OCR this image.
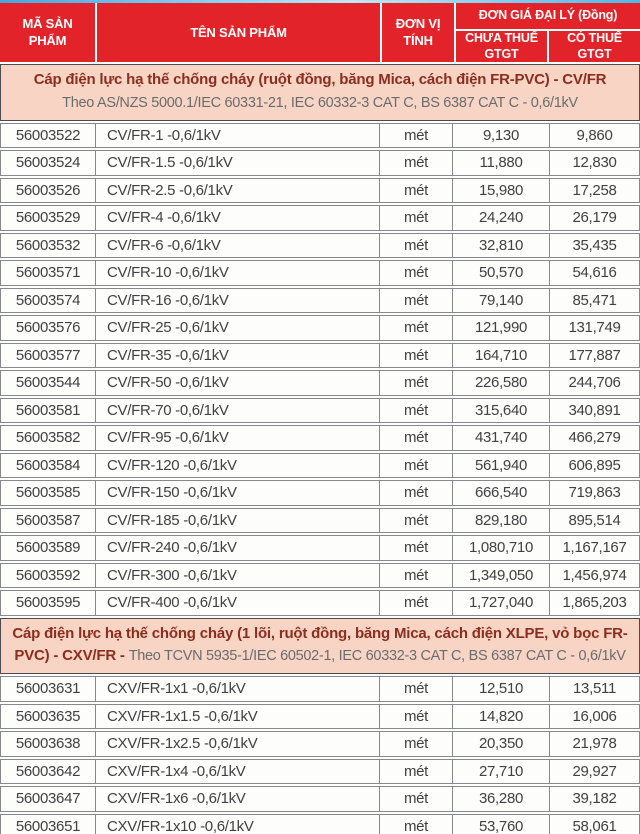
MÃ SẢN PHẨM
TÊN SẢN PHẨM
ĐƠN VỊ TÍNH
ĐƠN GIÁ ĐẠI LÝ (Đồng)
CHƯA THUẾ GTGT
CÓ THUẾ GTGT
Cáp điện lực hạ thế chống cháy (ruột đồng, băng Mica, cách điện FR-PVC) - CV/FR
Theo AS/NZS 5000.1/IEC 60331-21, IEC 60332-3 CAT C, BS 6387 CAT C - 0,6/1kV
56003522	CV/FR-1 -0,6/1kV	mét	9,130	9,860
56003524	CV/FR-1.5 -0,6/1kV	mét	11,880	12,830
56003526	CV/FR-2.5 -0,6/1kV	mét	15,980	17,258
56003529	CV/FR-4 -0,6/1kV	mét	24,240	26,179
56003532	CV/FR-6 -0,6/1kV	mét	32,810	35,435
56003571	CV/FR-10 -0,6/1kV	mét	50,570	54,616
56003574	CV/FR-16 -0,6/1kV	mét	79,140	85,471
56003576	CV/FR-25 -0,6/1kV	mét	121,990	131,749
56003577	CV/FR-35 -0,6/1kV	mét	164,710	177,887
56003544	CV/FR-50 -0,6/1kV	mét	226,580	244,706
56003581	CV/FR-70 -0,6/1kV	mét	315,640	340,891
56003582	CV/FR-95 -0,6/1kV	mét	431,740	466,279
56003584	CV/FR-120 -0,6/1kV	mét	561,940	606,895
56003585	CV/FR-150 -0,6/1kV	mét	666,540	719,863
56003587	CV/FR-185 -0,6/1kV	mét	829,180	895,514
56003589	CV/FR-240 -0,6/1kV	mét	1,080,710	1,167,167
56003592	CV/FR-300 -0,6/1kV	mét	1,349,050	1,456,974
56003595	CV/FR-400 -0,6/1kV	mét	1,727,040	1,865,203
Cáp điện lực hạ thế chống cháy (1 lõi, ruột đồng, băng Mica, cách điện XLPE, vỏ bọc FR-PVC) - CXV/FR - Theo TCVN 5935-1/IEC 60502-1, IEC 60332-3 CAT C, BS 6387 CAT C - 0,6/1kV
56003631	CXV/FR-1x1 -0,6/1kV	mét	12,510	13,511
56003635	CXV/FR-1x1.5 -0,6/1kV	mét	14,820	16,006
56003638	CXV/FR-1x2.5 -0,6/1kV	mét	20,350	21,978
56003642	CXV/FR-1x4 -0,6/1kV	mét	27,710	29,927
56003647	CXV/FR-1x6 -0,6/1kV	mét	36,280	39,182
56003651	CXV/FR-1x10 -0,6/1kV	mét	53,760	58,061
